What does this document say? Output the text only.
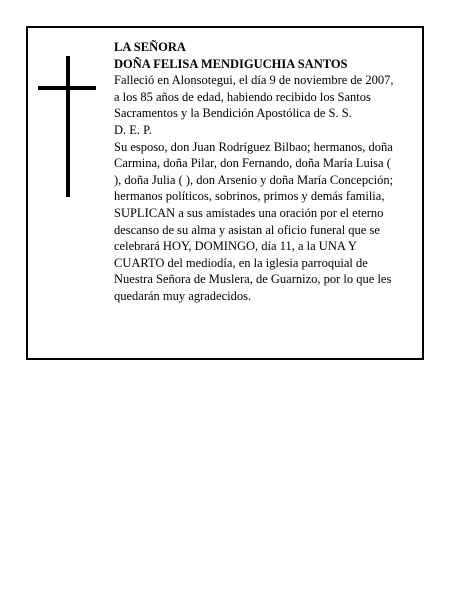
LA SEÑORA
DOÑA FELISA MENDIGUCHIA SANTOS
Falleció en Alonsotegui, el día 9 de noviembre de 2007,
a los 85 años de edad, habiendo recibido los Santos
Sacramentos y la Bendición Apostólica de S. S.
D. E. P.
Su esposo, don Juan Rodríguez Bilbao; hermanos, doña
Carmina, doña Pilar, don Fernando, doña María Luisa (
), doña Julia ( ), don Arsenio y doña María Concepción;
hermanos políticos, sobrinos, primos y demás familia,
SUPLICAN a sus amistades una oración por el eterno
descanso de su alma y asistan al oficio funeral que se
celebrará HOY, DOMINGO, día 11, a la UNA Y
CUARTO del mediodía, en la iglesia parroquial de
Nuestra Señora de Muslera, de Guarnizo, por lo que les
quedarán muy agradecidos.
